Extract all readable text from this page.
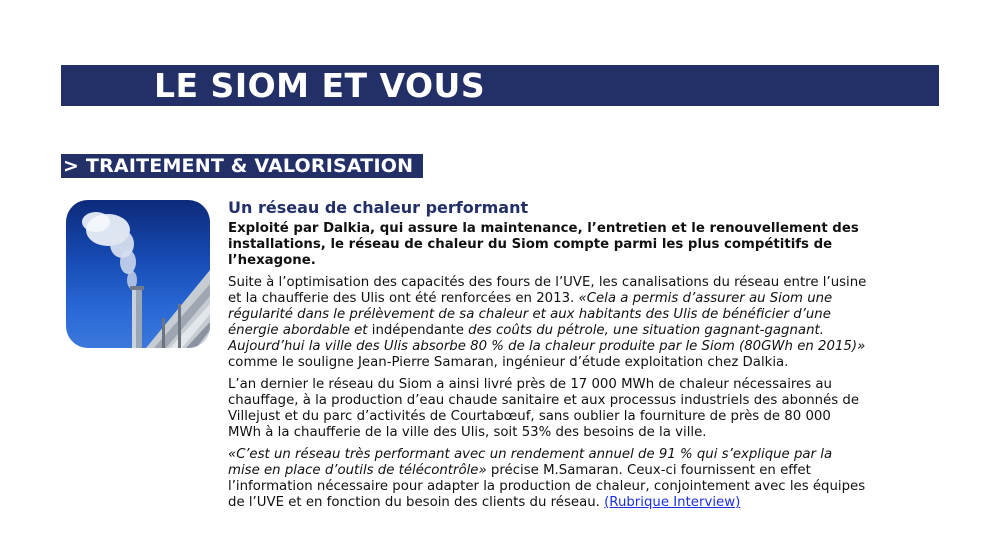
LE SIOM ET VOUS
> TRAITEMENT & VALORISATION
Un réseau de chaleur performant

Exploité par Dalkia, qui assure la maintenance, l’entretien et le renouvellement des installations, le réseau de chaleur du Siom compte parmi les plus compétitifs de l’hexagone.

Suite à l’optimisation des capacités des fours de l’UVE, les canalisations du réseau entre l’usine et la chaufferie des Ulis ont été renforcées en 2013. «Cela a permis d’assurer au Siom une régularité dans le prélèvement de sa chaleur et aux habitants des Ulis de bénéficier d’une énergie abordable et indépendante des coûts du pétrole, une situation gagnant-gagnant. Aujourd’hui la ville des Ulis absorbe 80 % de la chaleur produite par le Siom (80GWh en 2015)» comme le souligne Jean-Pierre Samaran, ingénieur d’étude exploitation chez Dalkia.

L’an dernier le réseau du Siom a ainsi livré près de 17 000 MWh de chaleur nécessaires au chauffage, à la production d’eau chaude sanitaire et aux processus industriels des abonnés de Villejust et du parc d’activités de Courtabœuf, sans oublier la fourniture de près de 80 000 MWh à la chaufferie de la ville des Ulis, soit 53% des besoins de la ville.

«C’est un réseau très performant avec un rendement annuel de 91 % qui s’explique par la mise en place d’outils de télécontrôle» précise M.Samaran. Ceux-ci fournissent en effet l’information nécessaire pour adapter la production de chaleur, conjointement avec les équipes de l’UVE et en fonction du besoin des clients du réseau. (Rubrique Interview)
